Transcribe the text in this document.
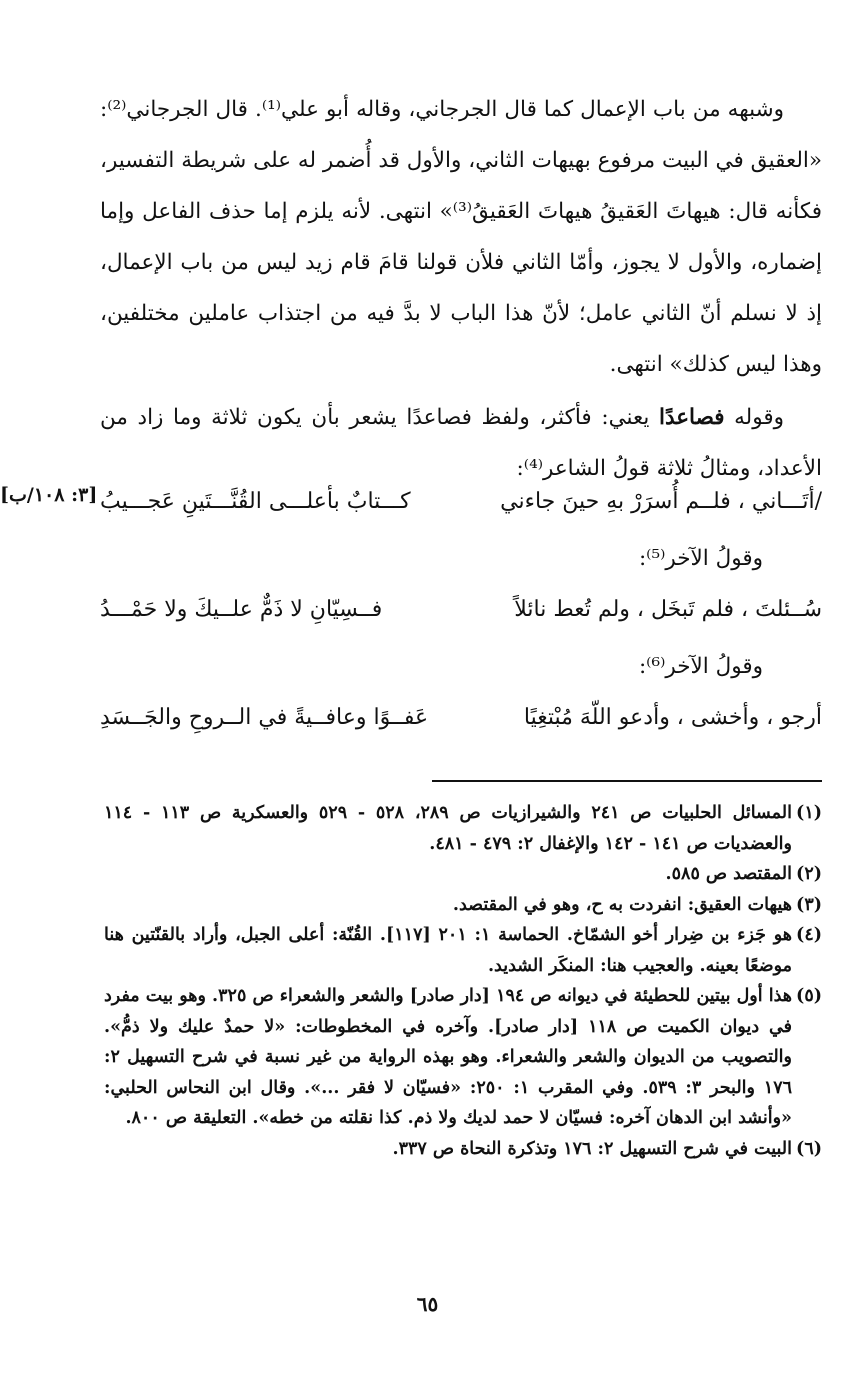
وشبهه من باب الإعمال كما قال الجرجاني، وقاله أبو علي⁽¹⁾. قال الجرجاني⁽²⁾: «العقيق في البيت مرفوع بهيهات الثاني، والأول قد أُضمر له على شريطة التفسير، فكأنه قال: هيهاتَ العَقيقُ هيهاتَ العَقيقُ⁽³⁾» انتهى. لأنه يلزم إما حذف الفاعل وإما إضماره، والأول لا يجوز، وأمّا الثاني فلأن قولنا قامَ قام زيد ليس من باب الإعمال، إذ لا نسلم أنّ الثاني عامل؛ لأنّ هذا الباب لا بدَّ فيه من اجتذاب عاملين مختلفين، وهذا ليس كذلك» انتهى.

وقوله فصاعدًا يعني: فأكثر، ولفظ فصاعدًا يشعر بأن يكون ثلاثة وما زاد من الأعداد، ومثالُ ثلاثة قولُ الشاعر⁽⁴⁾:

[٣: ١٠٨/ب]	/أتَـــاني ، فلــم أُسرَرْ بهِ حينَ جاءني
كـــتابٌ بأعلـــى القُنَّـــتَينِ عَجـــيبُ
وقولُ الآخر⁽⁵⁾:
سُــئلتَ ، فلم تَبخَل ، ولم تُعط نائلاً
فــسِيّانِ لا ذَمٌّ علــيكَ ولا حَمْـــدُ
وقولُ الآخر⁽⁶⁾:
أرجو ، وأخشى ، وأدعو اللّهَ مُبْتغِيًا
عَفــوًا وعافــيةً في الــروحِ والجَــسَدِ

(١)
المسائل الحلبيات ص ٢٤١ والشيرازيات ص ٢٨٩، ٥٢٨ - ٥٢٩ والعسكرية ص ١١٣ - ١١٤ والعضديات ص ١٤١ - ١٤٢ والإغفال ٢: ٤٧٩ - ٤٨١.

(٢)
المقتصد ص ٥٨٥.

(٣)
هيهات العقيق: انفردت به ح، وهو في المقتصد.

(٤)
هو جَزء بن ضِرار أخو الشمّاخ. الحماسة ١: ٢٠١ [١١٧]. القُنّة: أعلى الجبل، وأراد بالقنّتين هنا موضعًا بعينه. والعجيب هنا: المنكَر الشديد.

(٥)
هذا أول بيتين للحطيئة في ديوانه ص ١٩٤ [دار صادر] والشعر والشعراء ص ٣٢٥. وهو بيت مفرد في ديوان الكميت ص ١١٨ [دار صادر]. وآخره في المخطوطات: «لا حمدٌ عليك ولا ذمُّ». والتصويب من الديوان والشعر والشعراء. وهو بهذه الرواية من غير نسبة في شرح التسهيل ٢: ١٧٦ والبحر ٣: ٥٣٩. وفي المقرب ١: ٢٥٠: «فسيّان لا فقر ...». وقال ابن النحاس الحلبي: «وأنشد ابن الدهان آخره: فسيّان لا حمد لديك ولا ذم. كذا نقلته من خطه». التعليقة ص ٨٠٠.

(٦)
البيت في شرح التسهيل ٢: ١٧٦ وتذكرة النحاة ص ٣٣٧.

٦٥
